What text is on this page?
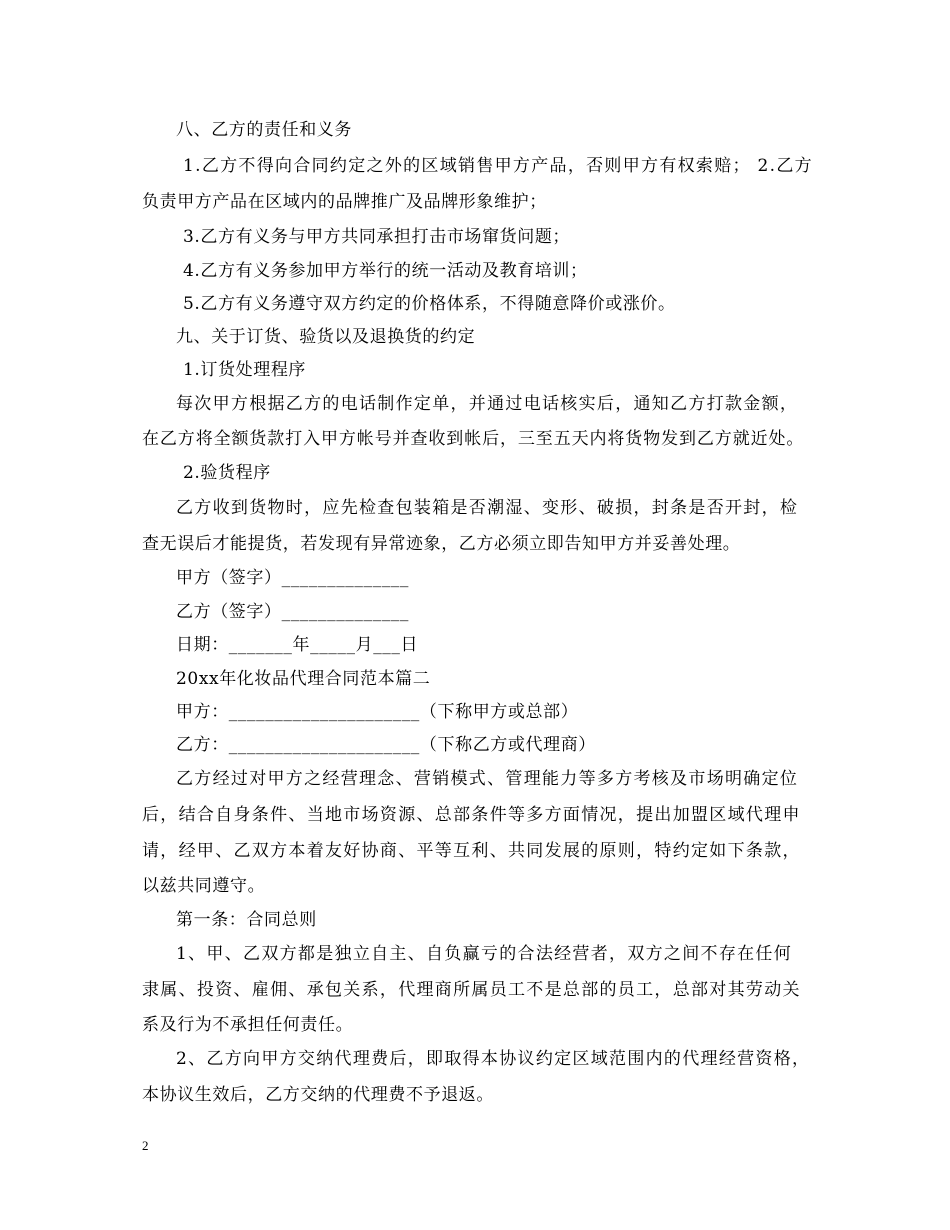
八、乙方的责任和义务
1.乙方不得向合同约定之外的区域销售甲方产品，否则甲方有权索赔； 2.乙方
负责甲方产品在区域内的品牌推广及品牌形象维护；
3.乙方有义务与甲方共同承担打击市场窜货问题；
4.乙方有义务参加甲方举行的统一活动及教育培训；
5.乙方有义务遵守双方约定的价格体系，不得随意降价或涨价。
九、关于订货、验货以及退换货的约定
1.订货处理程序
每次甲方根据乙方的电话制作定单，并通过电话核实后，通知乙方打款金额，
在乙方将全额货款打入甲方帐号并查收到帐后，三至五天内将货物发到乙方就近处。
2.验货程序
乙方收到货物时，应先检查包装箱是否潮湿、变形、破损，封条是否开封，检
查无误后才能提货，若发现有异常迹象，乙方必须立即告知甲方并妥善处理。
甲方（签字）______________
乙方（签字）______________
日期：_______年_____月___日
20xx年化妆品代理合同范本篇二
甲方：_____________________（下称甲方或总部）
乙方：_____________________（下称乙方或代理商）
乙方经过对甲方之经营理念、营销模式、管理能力等多方考核及市场明确定位
后，结合自身条件、当地市场资源、总部条件等多方面情况，提出加盟区域代理申
请，经甲、乙双方本着友好协商、平等互利、共同发展的原则，特约定如下条款，
以兹共同遵守。
第一条：合同总则
1、甲、乙双方都是独立自主、自负赢亏的合法经营者，双方之间不存在任何
隶属、投资、雇佣、承包关系，代理商所属员工不是总部的员工，总部对其劳动关
系及行为不承担任何责任。
2、乙方向甲方交纳代理费后，即取得本协议约定区域范围内的代理经营资格，
本协议生效后，乙方交纳的代理费不予退返。
2
